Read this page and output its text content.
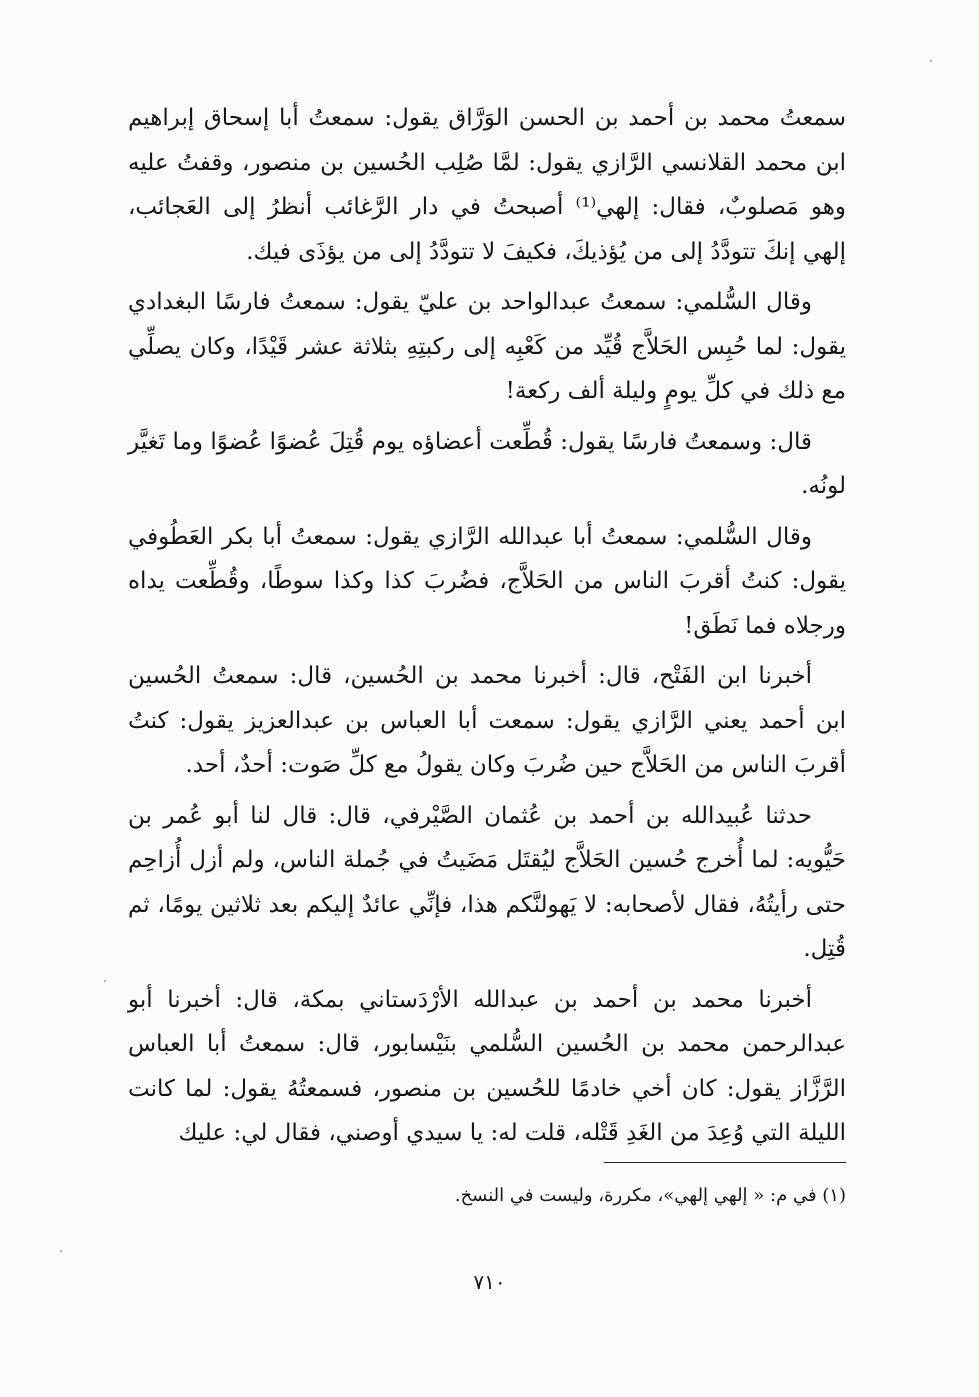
سمعتُ محمد بن أحمد بن الحسن الوَرَّاق يقول: سمعتُ أبا إسحاق إبراهيم ابن محمد القلانسي الرَّازي يقول: لمَّا صُلِب الحُسين بن منصور، وقفتُ عليه وهو مَصلوبٌ، فقال: إلهي⁽¹⁾ أصبحتُ في دار الرَّغائب أنظرُ إلى العَجائب، إلهي إنكَ تتودَّدُ إلى من يُؤذيكَ، فكيفَ لا تتودَّدُ إلى من يؤذَى فيك.

وقال السُّلمي: سمعتُ عبدالواحد بن عليّ يقول: سمعتُ فارسًا البغدادي يقول: لما حُبِس الحَلاَّج قُيِّد من كَعْبِه إلى ركبتِهِ بثلاثة عشر قَيْدًا، وكان يصلِّي مع ذلك في كلِّ يومٍ وليلة ألف ركعة!

قال: وسمعتُ فارسًا يقول: قُطِّعت أعضاؤه يوم قُتِلَ عُضوًا عُضوًا وما تَغيَّر لونُه.

وقال السُّلمي: سمعتُ أبا عبدالله الرَّازي يقول: سمعتُ أبا بكر العَطُوفي يقول: كنتُ أقربَ الناس من الحَلاَّج، فضُربَ كذا وكذا سوطًا، وقُطِّعت يداه ورجلاه فما نَطَق!

أخبرنا ابن الفَتْح، قال: أخبرنا محمد بن الحُسين، قال: سمعتُ الحُسين ابن أحمد يعني الرَّازي يقول: سمعت أبا العباس بن عبدالعزيز يقول: كنتُ أقربَ الناس من الحَلاَّج حين ضُربَ وكان يقولُ مع كلِّ صَوت: أحدٌ، أحد.

حدثنا عُبيدالله بن أحمد بن عُثمان الصَّيْرفي، قال: قال لنا أبو عُمر بن حَيُّويه: لما أُخرج حُسين الحَلاَّج ليُقتَل مَضَيتُ في جُملة الناس، ولم أزل أُزاحِم حتى رأيتُهُ، فقال لأصحابه: لا يَهولنَّكم هذا، فإنِّي عائدٌ إليكم بعد ثلاثين يومًا، ثم قُتِل.

أخبرنا محمد بن أحمد بن عبدالله الأرْدَستاني بمكة، قال: أخبرنا أبو عبدالرحمن محمد بن الحُسين السُّلمي بنَيْسابور، قال: سمعتُ أبا العباس الرَّزَّاز يقول: كان أخي خادمًا للحُسين بن منصور، فسمعتُهُ يقول: لما كانت الليلة التي وُعِدَ من الغَدِ قَتْله، قلت له: يا سيدي أوصني، فقال لي: عليك

(١) في م: « إلهي إلهي»، مكررة، وليست في النسخ.
٧١٠
